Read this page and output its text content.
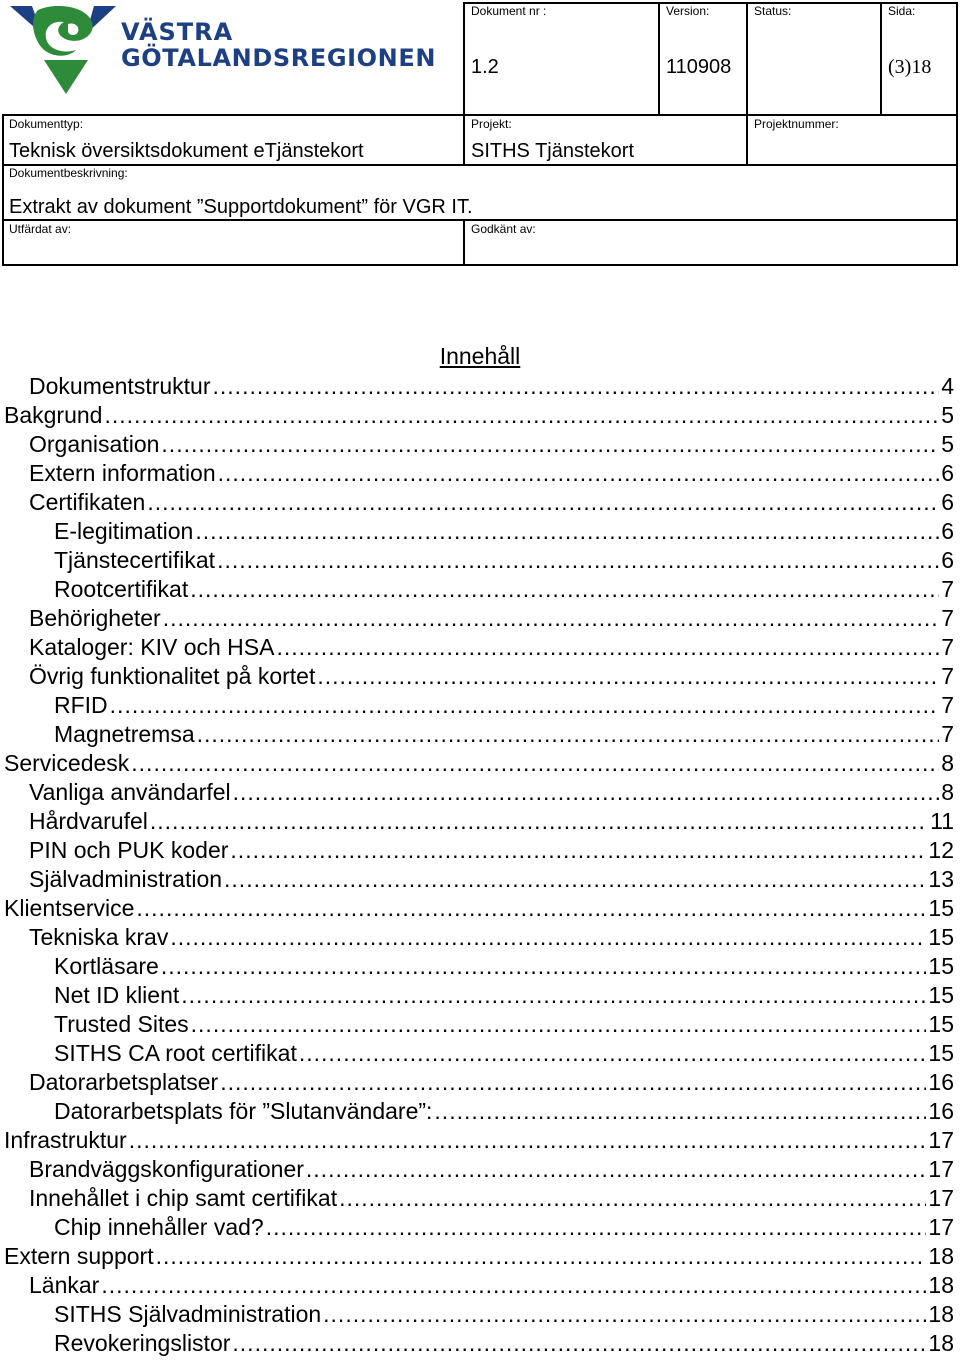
VÄSTRA
GÖTALANDSREGIONEN
Dokument nr :
1.2
Version:
110908
Status:	Sida:
(3)18
Dokumenttyp:
Teknisk översiktsdokument eTjänstekort
Projekt:
SITHS Tjänstekort
Projektnummer:
Dokumentbeskrivning:
Extrakt av dokument ”Supportdokument” för VGR IT.
Utfärdat av:	Godkänt av:
Innehåll
Dokumentstruktur .....	4
Bakgrund .....	5
Organisation .....	5
Extern information .....	6
Certifikaten .....	6
E-legitimation .....	6
Tjänstecertifikat .....	6
Rootcertifikat .....	7
Behörigheter .....	7
Kataloger: KIV och HSA .....	7
Övrig funktionalitet på kortet .....	7
RFID .....	7
Magnetremsa .....	7
Servicedesk .....	8
Vanliga användarfel .....	8
Hårdvarufel .....	11
PIN och PUK koder .....	12
Självadministration .....	13
Klientservice .....	15
Tekniska krav .....	15
Kortläsare .....	15
Net ID klient .....	15
Trusted Sites .....	15
SITHS CA root certifikat .....	15
Datorarbetsplatser .....	16
Datorarbetsplats för ”Slutanvändare”: .....	16
Infrastruktur .....	17
Brandväggskonfigurationer .....	17
Innehållet i chip samt certifikat .....	17
Chip innehåller vad? .....	17
Extern support .....	18
Länkar .....	18
SITHS Självadministration .....	18
Revokeringslistor .....	18
